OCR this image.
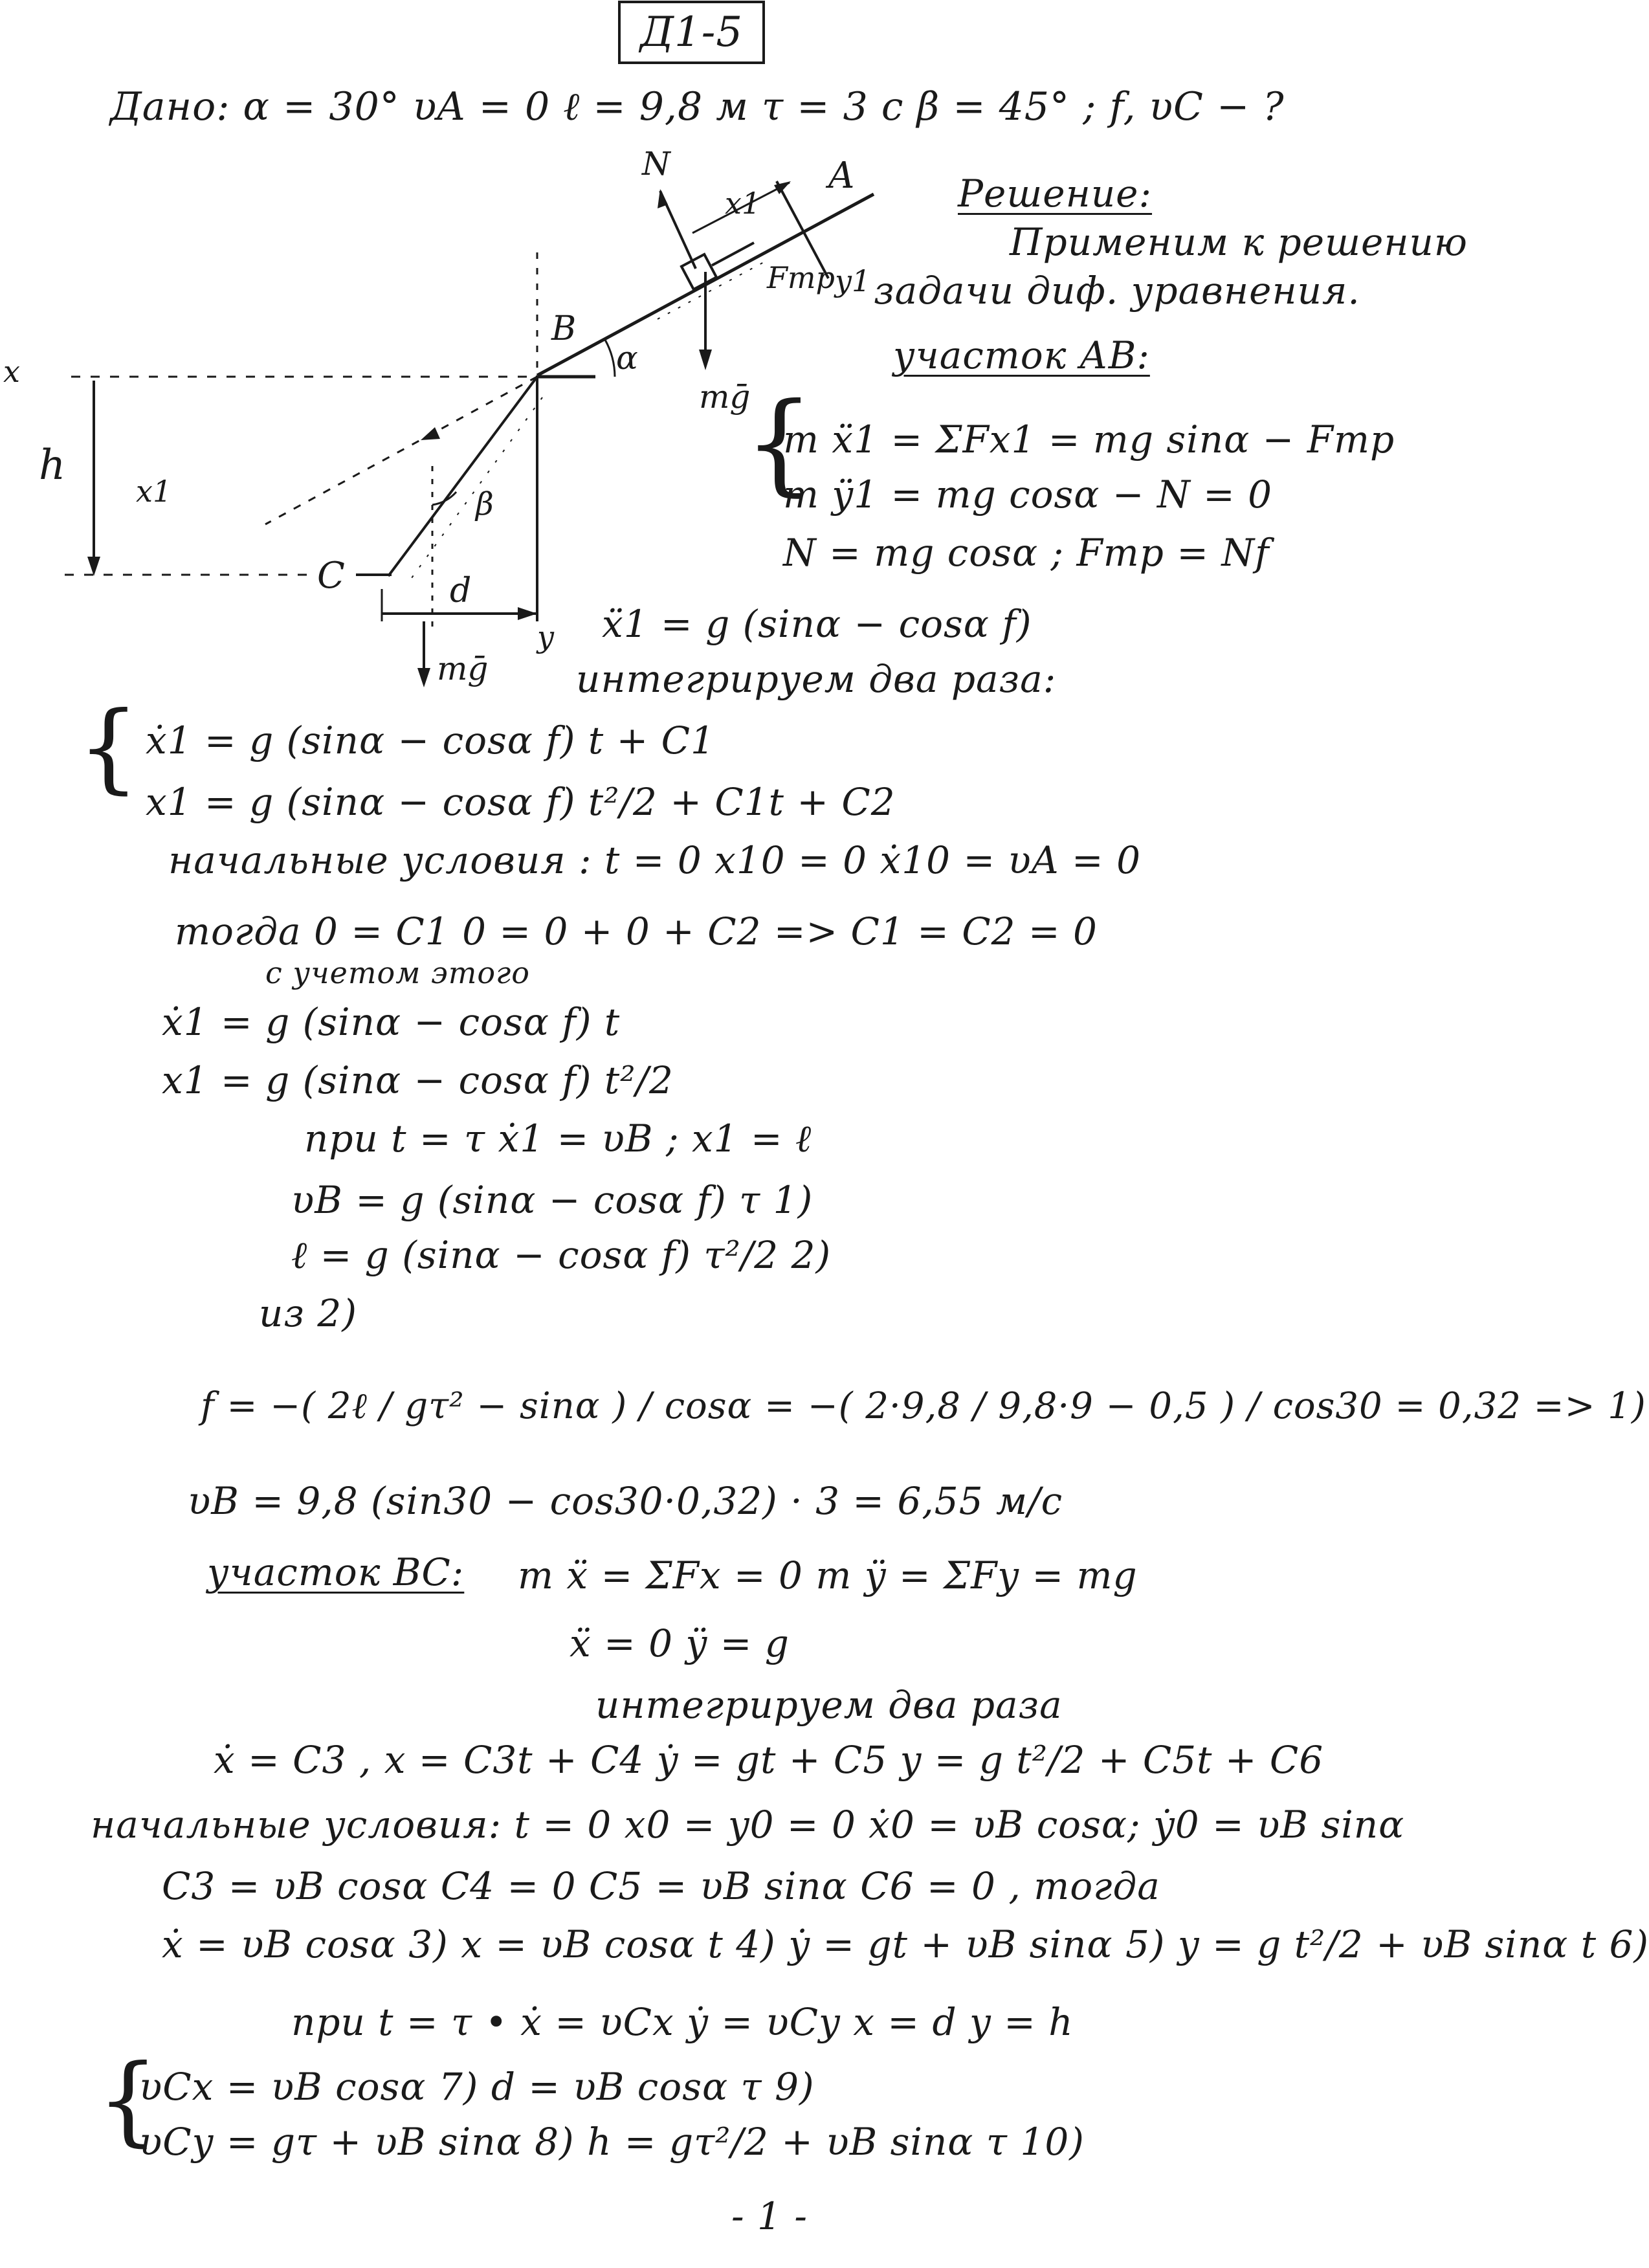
Д1-5
Дано: α = 30° υA = 0 ℓ = 9,8 м τ = 3 с β = 45° ; f, υC − ?
N
x1
A
Fтр y1
B
α
mḡ
x
h
x1	β
C	d
y
mḡ
Решение:
Применим к решению
задачи диф. уравнения.
участок АВ:
{
m ẍ1 = ΣFx1 = mg sinα − Fтр
m ÿ1 = mg cosα − N = 0
N = mg cosα ; Fтр = Nf
ẍ1 = g (sinα − cosα f)
интегрируем два раза:
{ ẋ1 = g (sinα − cosα f) t + C1
x1 = g (sinα − cosα f) t²/2 + C1t + C2
начальные условия : t = 0 x10 = 0 ẋ10 = υA = 0
тогда 0 = C1 0 = 0 + 0 + C2 => C1 = C2 = 0
с учетом этого
ẋ1 = g (sinα − cosα f) t
x1 = g (sinα − cosα f) t²/2
при t = τ ẋ1 = υB ; x1 = ℓ
υB = g (sinα − cosα f) τ 1)
ℓ = g (sinα − cosα f) τ²/2 2)
из 2)
f = −( 2ℓ / gτ² − sinα ) / cosα = −( 2·9,8 / 9,8·9 − 0,5 ) / cos30 = 0,32 => 1)
υB = 9,8 (sin30 − cos30·0,32) · 3 = 6,55 м/с
участок ВС: m ẍ = ΣFx = 0 m ÿ = ΣFy = mg
ẍ = 0 ÿ = g
интегрируем два раза
ẋ = C3 , x = C3t + C4 ẏ = gt + C5 y = g t²/2 + C5t + C6
начальные условия: t = 0 x0 = y0 = 0 ẋ0 = υB cosα; ẏ0 = υB sinα
C3 = υB cosα C4 = 0 C5 = υB sinα C6 = 0 , тогда
ẋ = υB cosα 3) x = υB cosα t 4) ẏ = gt + υB sinα 5) y = g t²/2 + υB sinα t 6)
при t = τ • ẋ = υCx ẏ = υCy x = d y = h
{
υCx = υB cosα 7) d = υB cosα τ 9)
υCy = gτ + υB sinα 8) h = gτ²/2 + υB sinα τ 10)
- 1 -
